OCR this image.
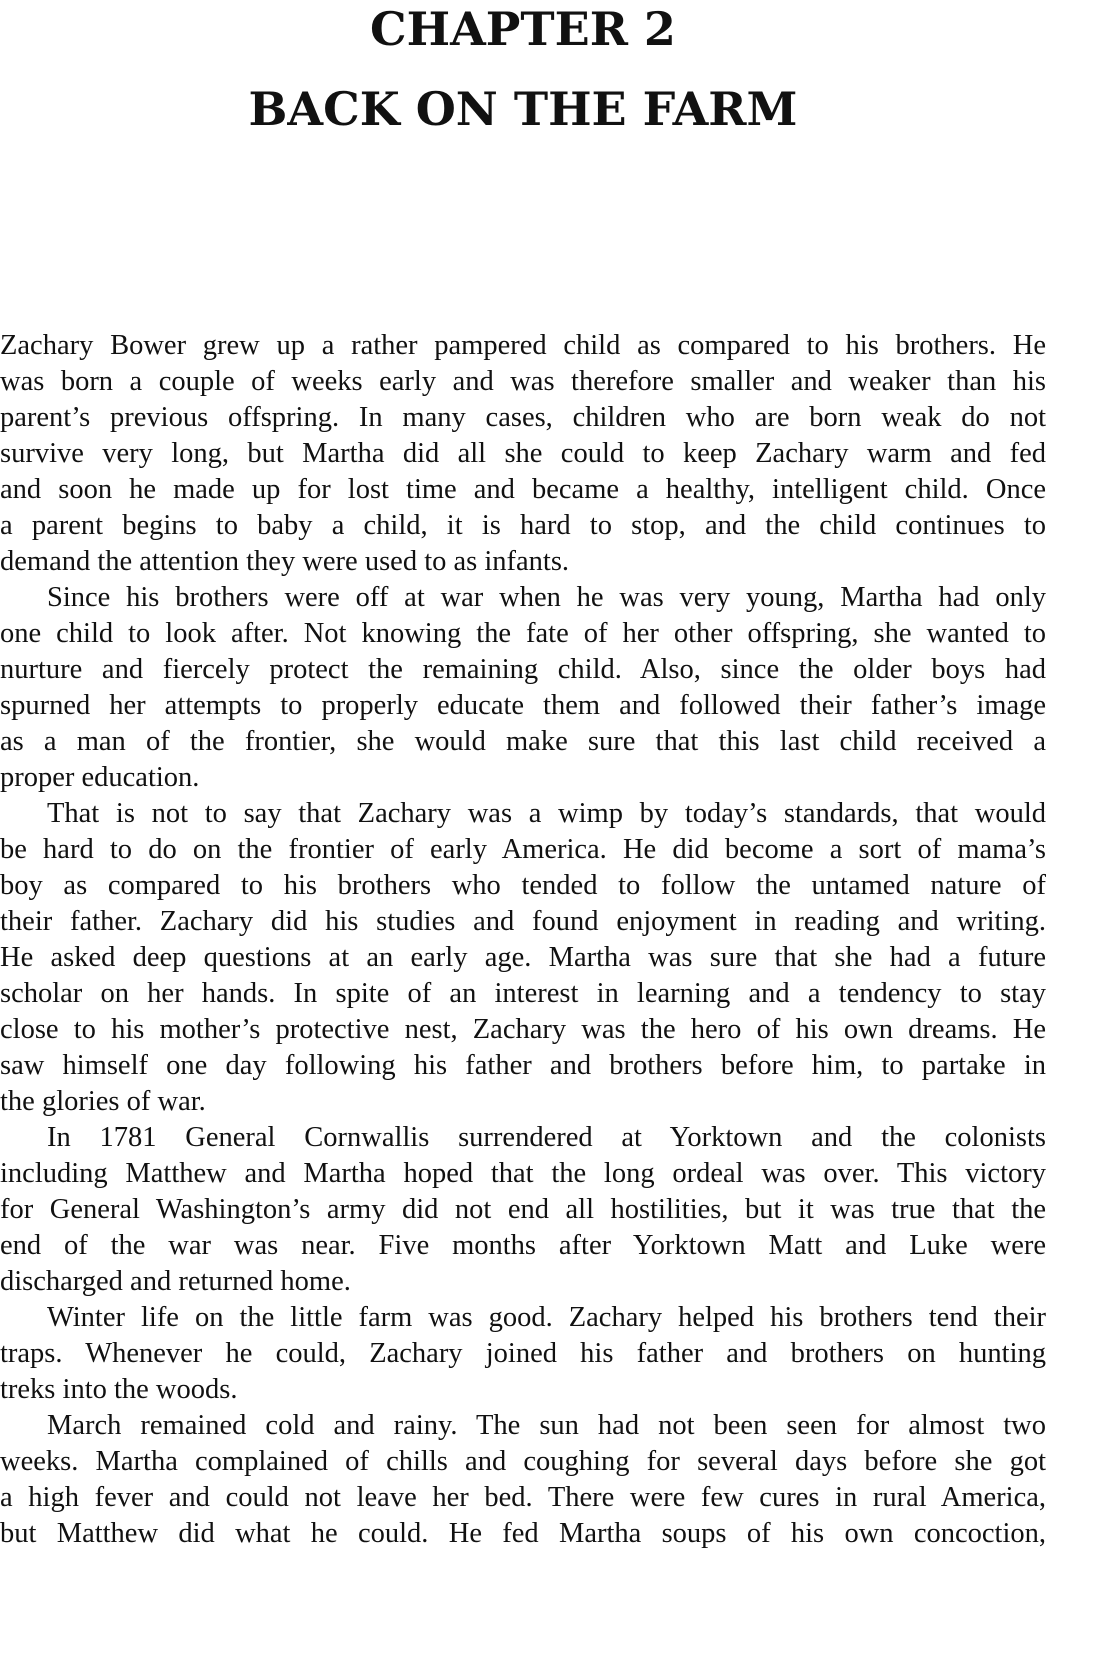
CHAPTER 2
BACK ON THE FARM
Zachary Bower grew up a rather pampered child as compared to his brothers. He
was born a couple of weeks early and was therefore smaller and weaker than his
parent’s previous offspring. In many cases, children who are born weak do not
survive very long, but Martha did all she could to keep Zachary warm and fed
and soon he made up for lost time and became a healthy, intelligent child. Once
a parent begins to baby a child, it is hard to stop, and the child continues to
demand the attention they were used to as infants.
Since his brothers were off at war when he was very young, Martha had only
one child to look after. Not knowing the fate of her other offspring, she wanted to
nurture and fiercely protect the remaining child. Also, since the older boys had
spurned her attempts to properly educate them and followed their father’s image
as a man of the frontier, she would make sure that this last child received a
proper education.
That is not to say that Zachary was a wimp by today’s standards, that would
be hard to do on the frontier of early America. He did become a sort of mama’s
boy as compared to his brothers who tended to follow the untamed nature of
their father. Zachary did his studies and found enjoyment in reading and writing.
He asked deep questions at an early age. Martha was sure that she had a future
scholar on her hands. In spite of an interest in learning and a tendency to stay
close to his mother’s protective nest, Zachary was the hero of his own dreams. He
saw himself one day following his father and brothers before him, to partake in
the glories of war.
In 1781 General Cornwallis surrendered at Yorktown and the colonists
including Matthew and Martha hoped that the long ordeal was over. This victory
for General Washington’s army did not end all hostilities, but it was true that the
end of the war was near. Five months after Yorktown Matt and Luke were
discharged and returned home.
Winter life on the little farm was good. Zachary helped his brothers tend their
traps. Whenever he could, Zachary joined his father and brothers on hunting
treks into the woods.
March remained cold and rainy. The sun had not been seen for almost two
weeks. Martha complained of chills and coughing for several days before she got
a high fever and could not leave her bed. There were few cures in rural America,
but Matthew did what he could. He fed Martha soups of his own concoction,
